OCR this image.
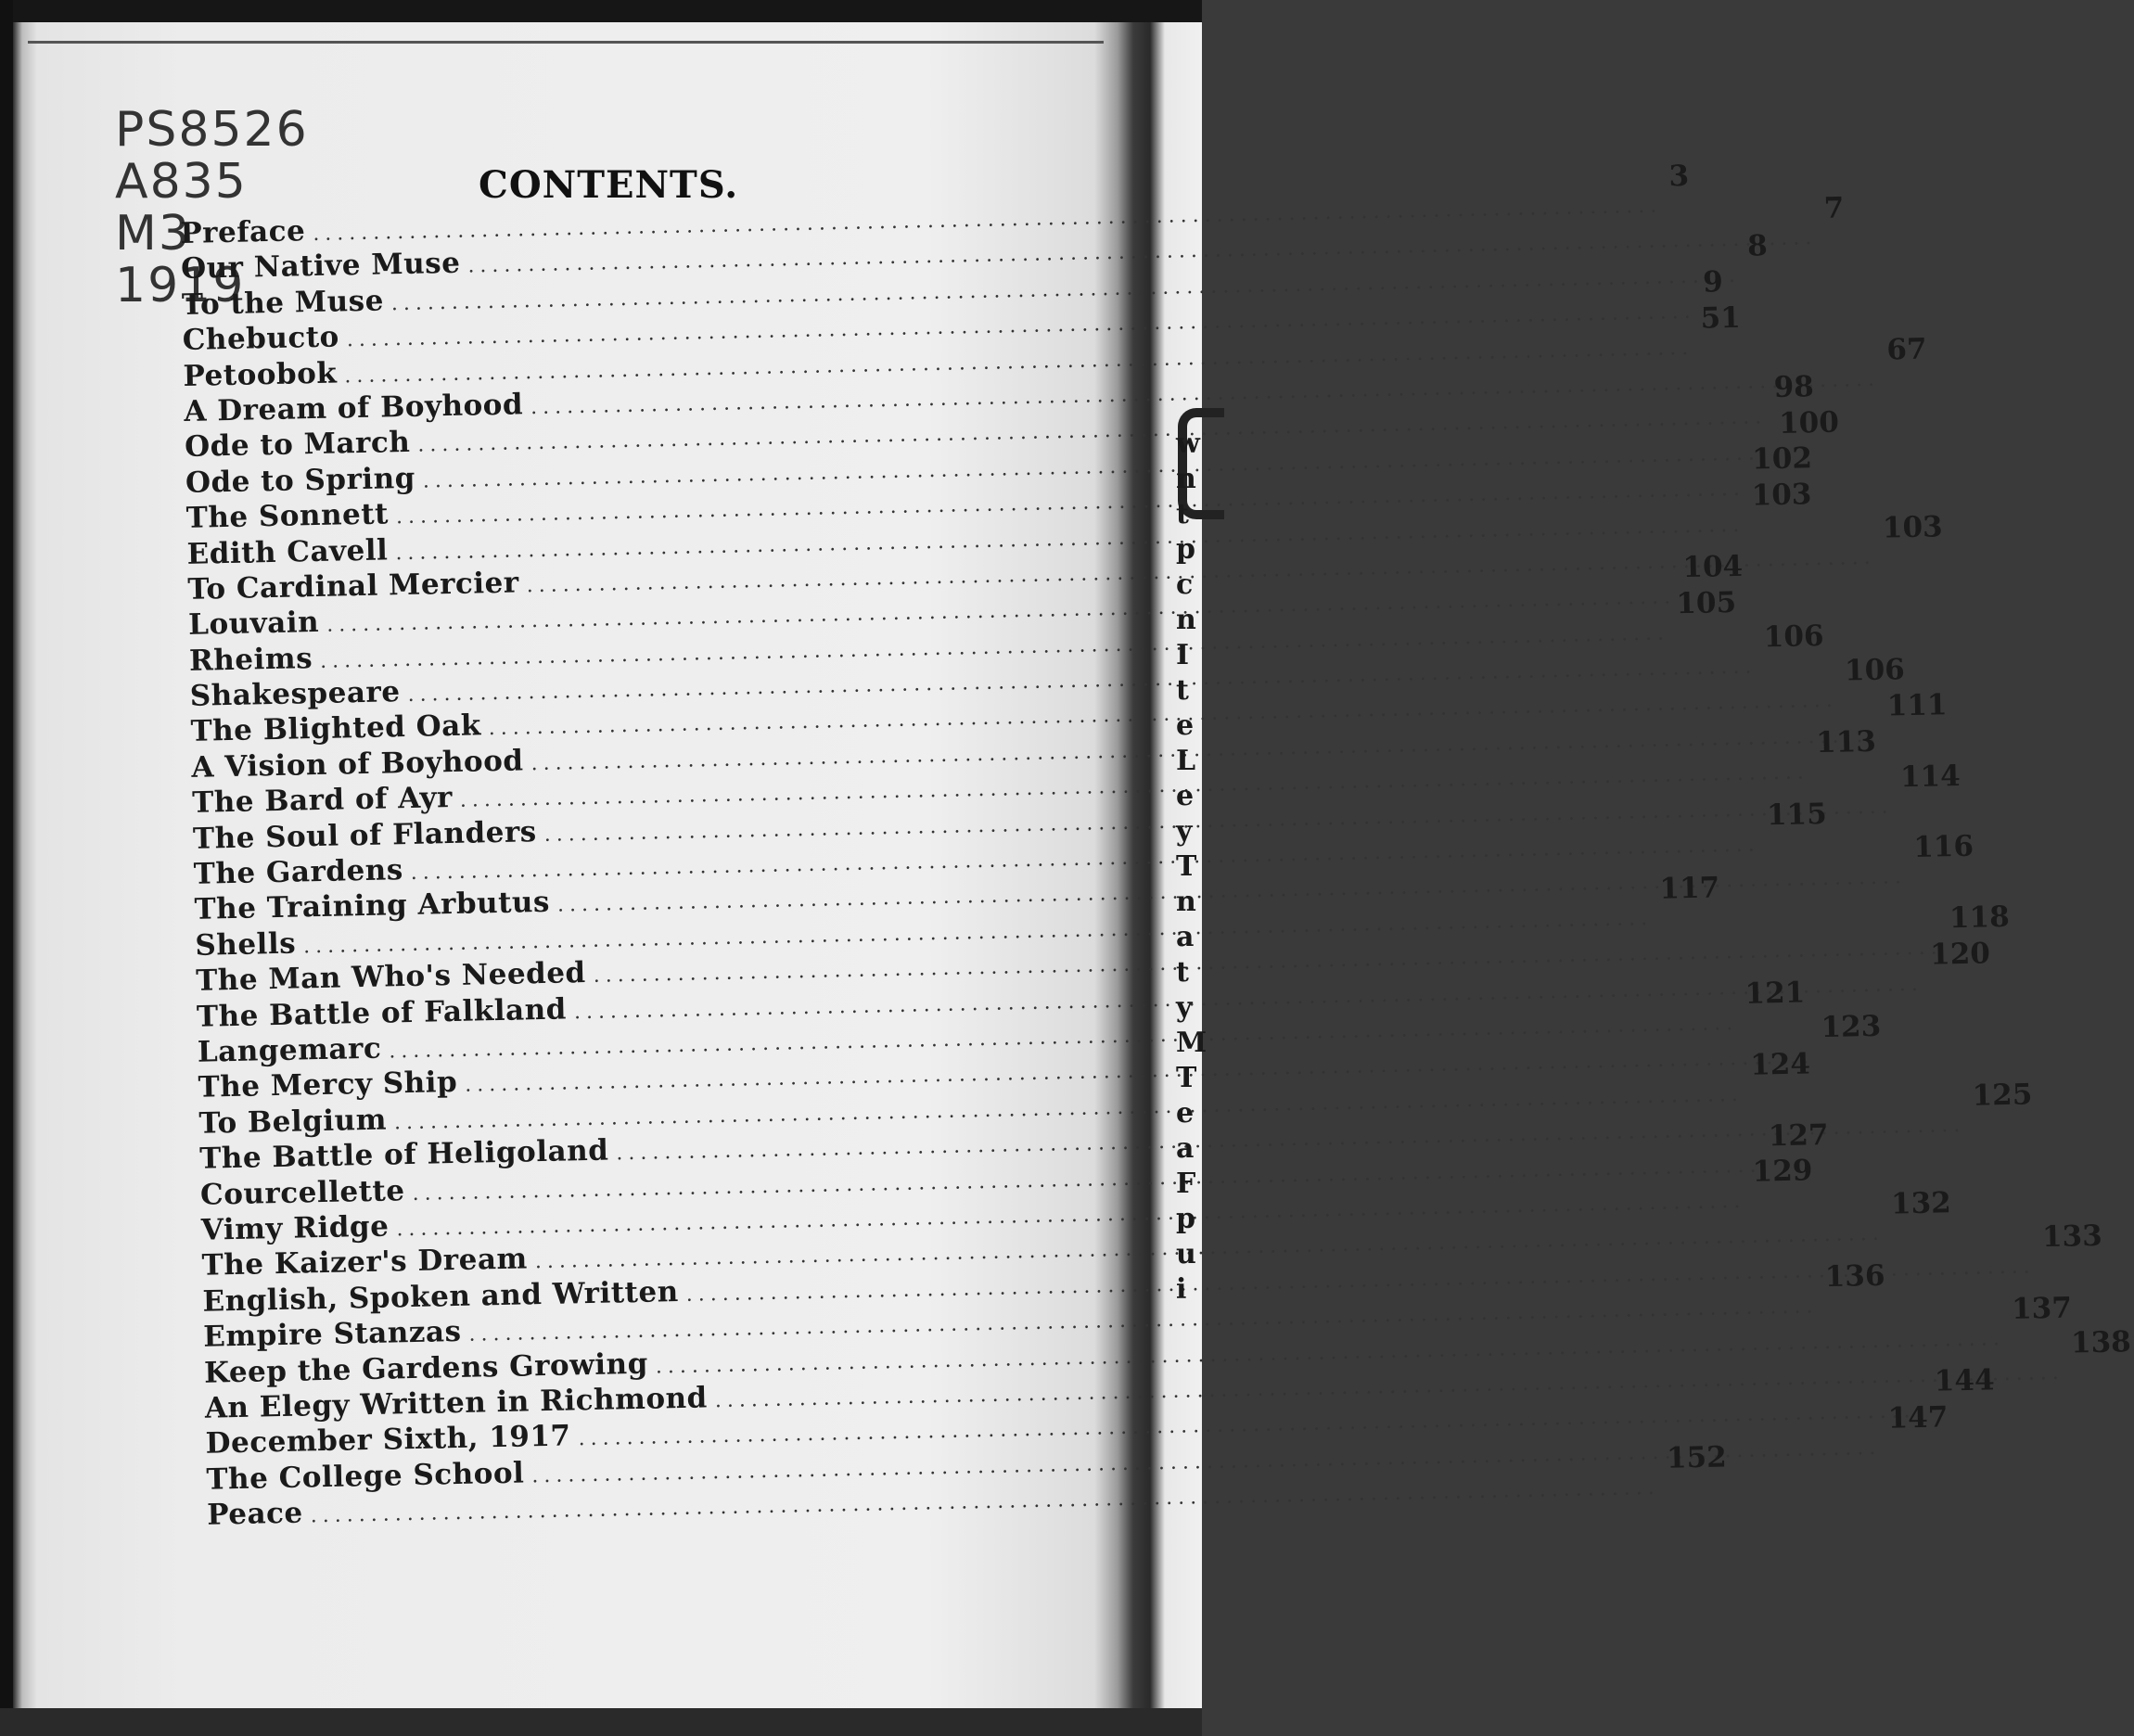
PS8526
A835
M3
1919
CONTENTS.
Preface
.....
3
Our Native Muse
.....
7
To the Muse
.....
8
Chebucto
.....
9
Petoobok
.....
51
A Dream of Boyhood
.....
67
Ode to March
.....
98
Ode to Spring
.....
100
The Sonnett
.....
102
Edith Cavell
.....
103
To Cardinal Mercier
.....
103
Louvain
.....
104
Rheims
.....
105
Shakespeare
.....
106
The Blighted Oak
.....
106
A Vision of Boyhood
.....
111
The Bard of Ayr
.....
113
The Soul of Flanders
.....
114
The Gardens
.....
115
The Training Arbutus
.....
116
Shells
.....
117
The Man Who's Needed
.....
118
The Battle of Falkland
.....
120
Langemarc
.....
121
The Mercy Ship
.....
123
To Belgium
.....
124
The Battle of Heligoland
.....
125
Courcellette
.....
127
Vimy Ridge
.....
129
The Kaizer's Dream
.....
132
English, Spoken and Written
.....
133
Empire Stanzas
.....
136
Keep the Gardens Growing
.....
137
An Elegy Written in Richmond
.....
138
December Sixth, 1917
.....
144
The College School
.....
147
Peace
.....
152
w
n
t
p
c
n
I
t
e
L
e
y
T
n
a
t
y
M
T
e
a
F
p
u
i
